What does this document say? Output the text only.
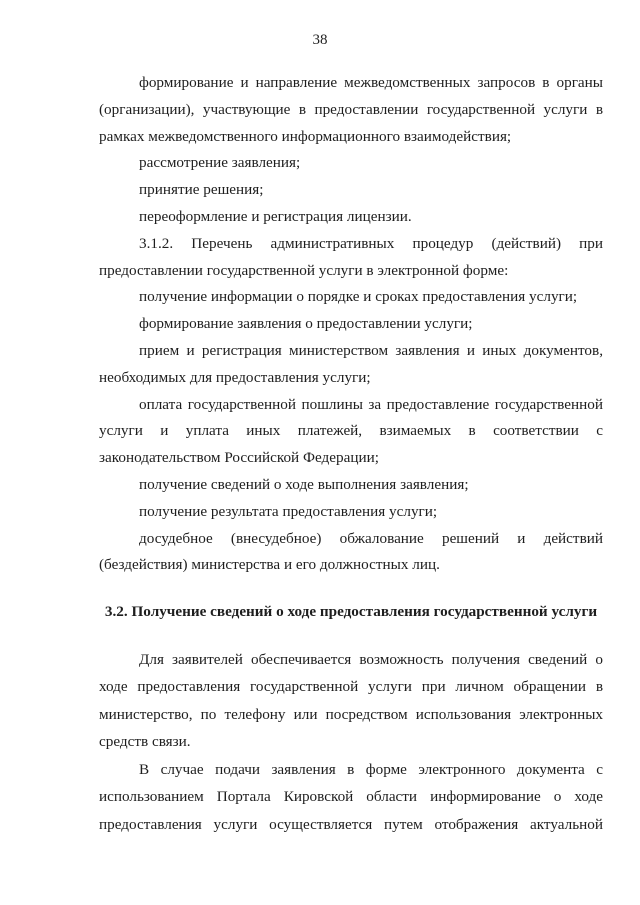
38

формирование и направление межведомственных запросов в органы (организации), участвующие в предоставлении государственной услуги в рамках межведомственного информационного взаимодействия;

рассмотрение заявления;

принятие решения;

переоформление и регистрация лицензии.

3.1.2. Перечень административных процедур (действий) при предоставлении государственной услуги в электронной форме:

получение информации о порядке и сроках предоставления услуги;

формирование заявления о предоставлении услуги;

прием и регистрация министерством заявления и иных документов, необходимых для предоставления услуги;

оплата государственной пошлины за предоставление государственной услуги и уплата иных платежей, взимаемых в соответствии с законодательством Российской Федерации;

получение сведений о ходе выполнения заявления;

получение результата предоставления услуги;

досудебное (внесудебное) обжалование решений и действий (бездействия) министерства и его должностных лиц.

3.2. Получение сведений о ходе предоставления государственной услуги

Для заявителей обеспечивается возможность получения сведений о ходе предоставления государственной услуги при личном обращении в министерство, по телефону или посредством использования электронных средств связи.

В случае подачи заявления в форме электронного документа с использованием Портала Кировской области информирование о ходе предоставления услуги осуществляется путем отображения актуальной
